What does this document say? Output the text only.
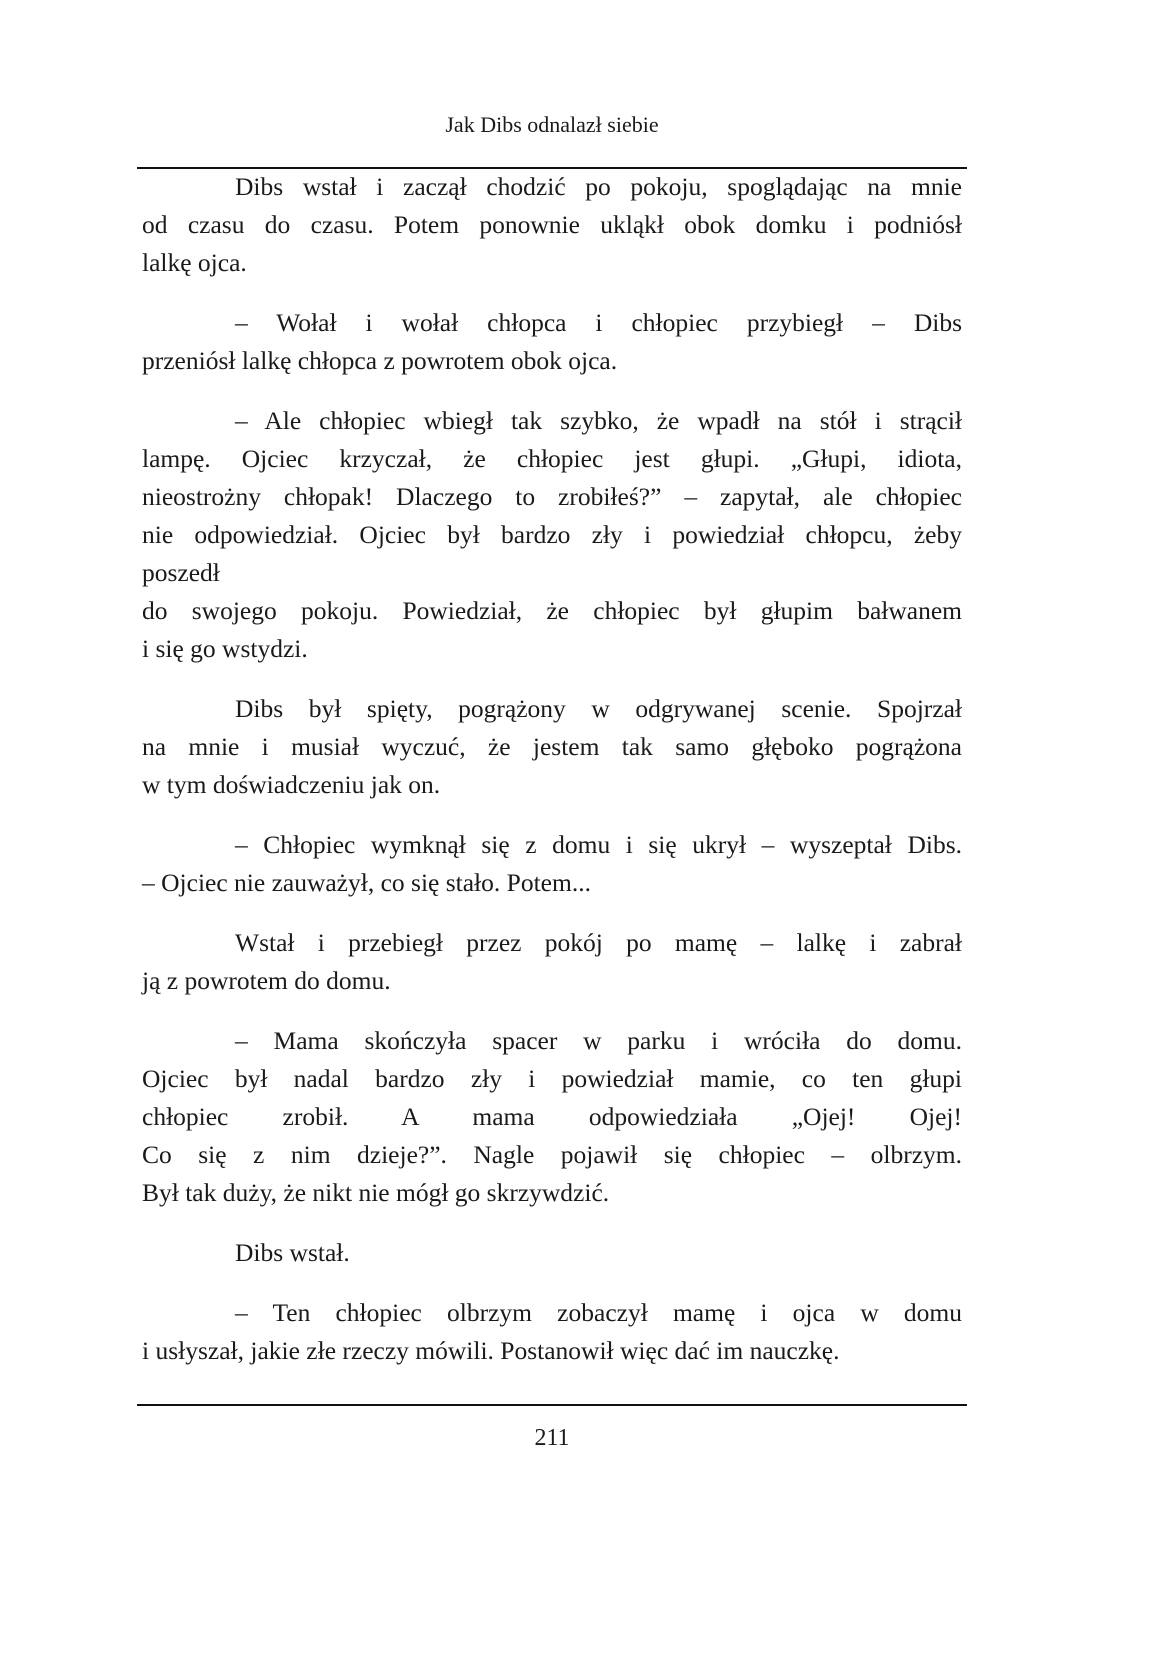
Jak Dibs odnalazł siebie
Dibs wstał i zaczął chodzić po pokoju, spoglądając na mnie
od czasu do czasu. Potem ponownie ukląkł obok domku i podniósł
lalkę ojca.
– Wołał i wołał chłopca i chłopiec przybiegł – Dibs
przeniósł lalkę chłopca z powrotem obok ojca.
– Ale chłopiec wbiegł tak szybko, że wpadł na stół i strącił
lampę. Ojciec krzyczał, że chłopiec jest głupi. „Głupi, idiota,
nieostrożny chłopak! Dlaczego to zrobiłeś?” – zapytał, ale chłopiec
nie odpowiedział. Ojciec był bardzo zły i powiedział chłopcu, żeby
poszedł
do swojego pokoju. Powiedział, że chłopiec był głupim bałwanem
i się go wstydzi.
Dibs był spięty, pogrążony w odgrywanej scenie. Spojrzał
na mnie i musiał wyczuć, że jestem tak samo głęboko pogrążona
w tym doświadczeniu jak on.
– Chłopiec wymknął się z domu i się ukrył – wyszeptał Dibs.
– Ojciec nie zauważył, co się stało. Potem...
Wstał i przebiegł przez pokój po mamę – lalkę i zabrał
ją z powrotem do domu.
– Mama skończyła spacer w parku i wróciła do domu.
Ojciec był nadal bardzo zły i powiedział mamie, co ten głupi
chłopiec zrobił. A mama odpowiedziała „Ojej! Ojej!
Co się z nim dzieje?”. Nagle pojawił się chłopiec – olbrzym.
Był tak duży, że nikt nie mógł go skrzywdzić.
Dibs wstał.
– Ten chłopiec olbrzym zobaczył mamę i ojca w domu
i usłyszał, jakie złe rzeczy mówili. Postanowił więc dać im nauczkę.
211
